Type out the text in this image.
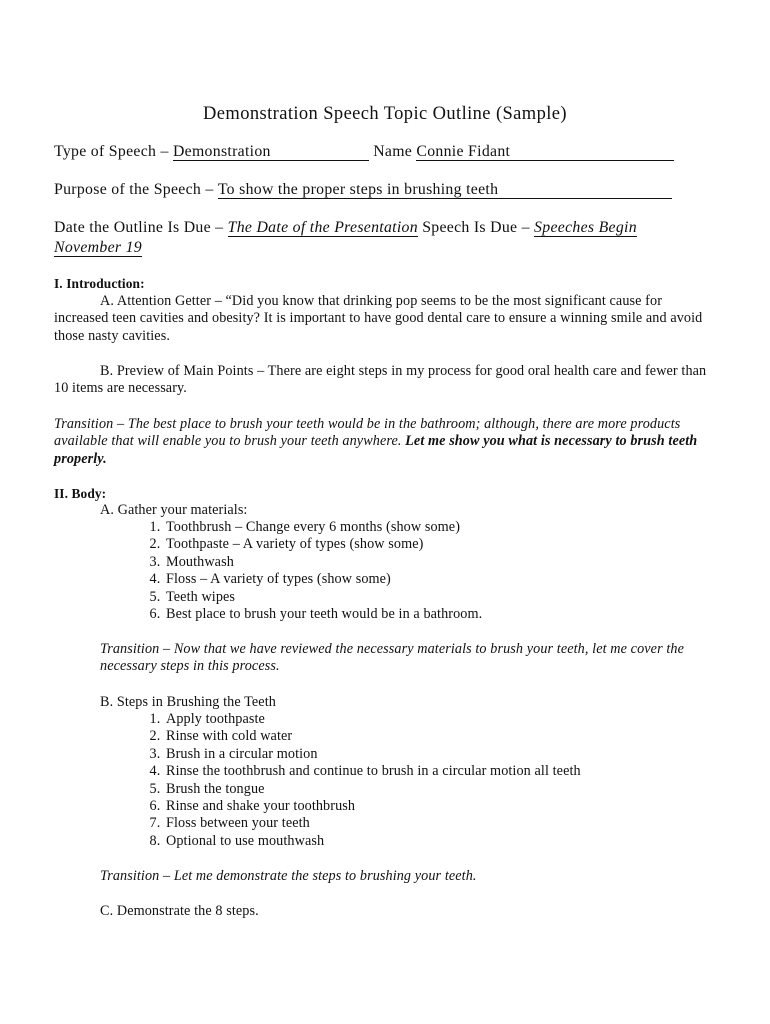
Demonstration Speech Topic Outline (Sample)
Type of Speech – Demonstration	Name Connie Fidant
Purpose of the Speech – To show the proper steps in brushing teeth
Date the Outline Is Due – The Date of the Presentation Speech Is Due – Speeches Begin
November 19
I. Introduction:
A. Attention Getter – “Did you know that drinking pop seems to be the most significant cause for increased teen cavities and obesity? It is important to have good dental care to ensure a winning smile and avoid those nasty cavities.
B. Preview of Main Points – There are eight steps in my process for good oral health care and fewer than 10 items are necessary.
Transition – The best place to brush your teeth would be in the bathroom; although, there are more products available that will enable you to brush your teeth anywhere. Let me show you what is necessary to brush teeth properly.
II. Body:
A. Gather your materials:
1. Toothbrush – Change every 6 months (show some)
2. Toothpaste – A variety of types (show some)
3. Mouthwash
4. Floss – A variety of types (show some)
5. Teeth wipes
6. Best place to brush your teeth would be in a bathroom.
Transition – Now that we have reviewed the necessary materials to brush your teeth, let me cover the necessary steps in this process.
B. Steps in Brushing the Teeth
1. Apply toothpaste
2. Rinse with cold water
3. Brush in a circular motion
4. Rinse the toothbrush and continue to brush in a circular motion all teeth
5. Brush the tongue
6. Rinse and shake your toothbrush
7. Floss between your teeth
8. Optional to use mouthwash
Transition – Let me demonstrate the steps to brushing your teeth.
C. Demonstrate the 8 steps.
